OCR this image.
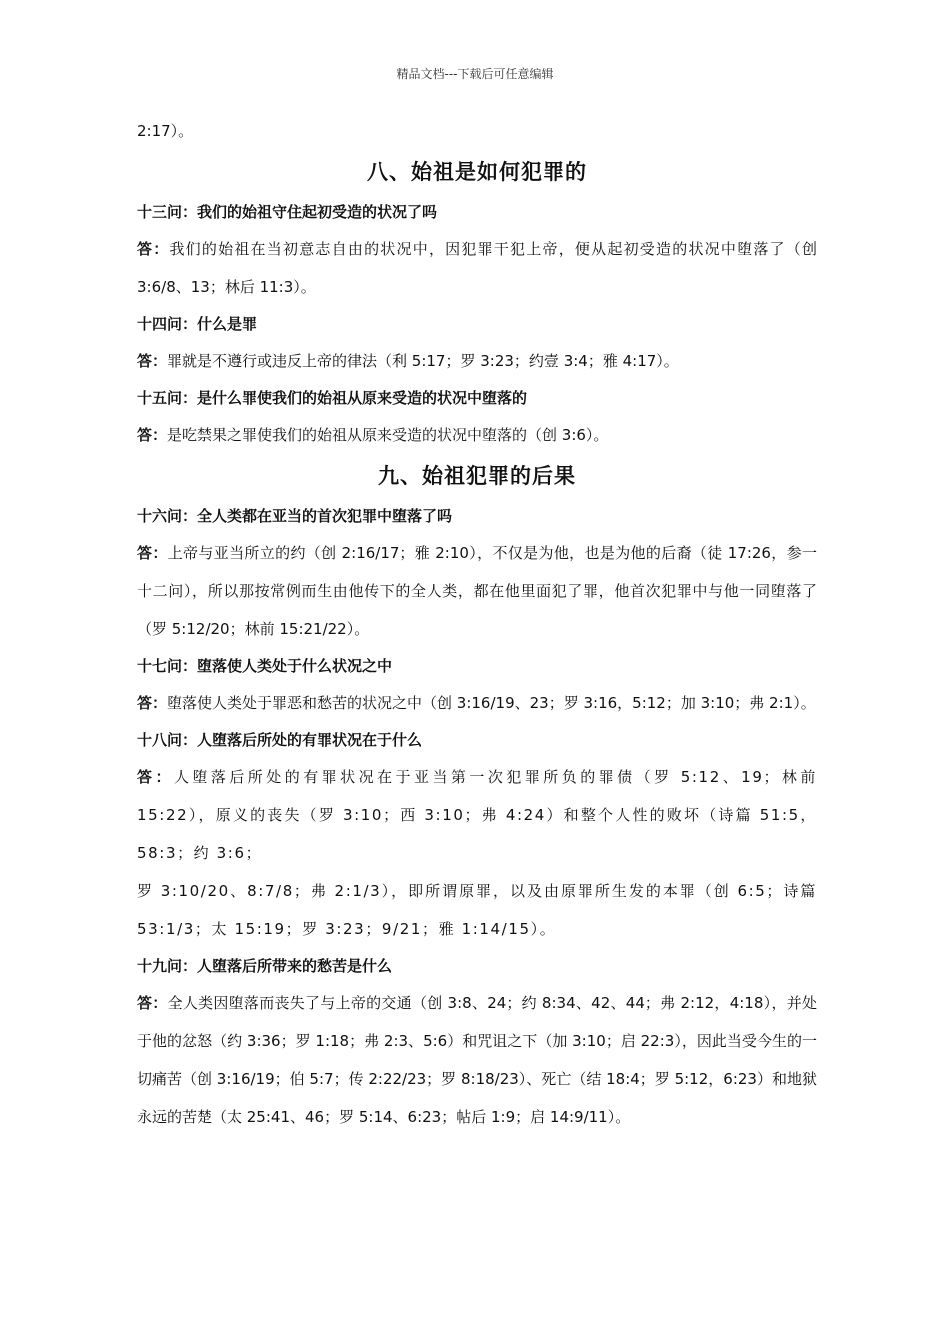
精品文档---下载后可任意编辑

2:17）。

八、始祖是如何犯罪的

十三问：我们的始祖守住起初受造的状况了吗

答：我们的始祖在当初意志自由的状况中，因犯罪干犯上帝，便从起初受造的状况中堕落了（创 3:6/8、13；林后 11:3）。

十四问：什么是罪

答：罪就是不遵行或违反上帝的律法（利 5:17；罗 3:23；约壹 3:4；雅 4:17）。

十五问：是什么罪使我们的始祖从原来受造的状况中堕落的

答：是吃禁果之罪使我们的始祖从原来受造的状况中堕落的（创 3:6）。

九、始祖犯罪的后果

十六问：全人类都在亚当的首次犯罪中堕落了吗

答：上帝与亚当所立的约（创 2:16/17；雅 2:10），不仅是为他，也是为他的后裔（徒 17:26，参一十二问），所以那按常例而生由他传下的全人类，都在他里面犯了罪，他首次犯罪中与他一同堕落了（罗 5:12/20；林前 15:21/22）。

十七问：堕落使人类处于什么状况之中

答：堕落使人类处于罪恶和愁苦的状况之中（创 3:16/19、23；罗 3:16，5:12；加 3:10；弗 2:1）。

十八问：人堕落后所处的有罪状况在于什么

答：人堕落后所处的有罪状况在于亚当第一次犯罪所负的罪债（罗 5:12、19；林前 15:22），原义的丧失（罗 3:10；西 3:10；弗 4:24）和整个人性的败坏（诗篇 51:5，58:3；约 3:6；

罗 3:10/20、8:7/8；弗 2:1/3），即所谓原罪，以及由原罪所生发的本罪（创 6:5；诗篇 53:1/3；太 15:19；罗 3:23；9/21；雅 1:14/15）。

十九问：人堕落后所带来的愁苦是什么

答：全人类因堕落而丧失了与上帝的交通（创 3:8、24；约 8:34、42、44；弗 2:12，4:18），并处于他的忿怒（约 3:36；罗 1:18；弗 2:3、5:6）和咒诅之下（加 3:10；启 22:3），因此当受今生的一切痛苦（创 3:16/19；伯 5:7；传 2:22/23；罗 8:18/23）、死亡（结 18:4；罗 5:12，6:23）和地狱永远的苦楚（太 25:41、46；罗 5:14、6:23；帖后 1:9；启 14:9/11）。
